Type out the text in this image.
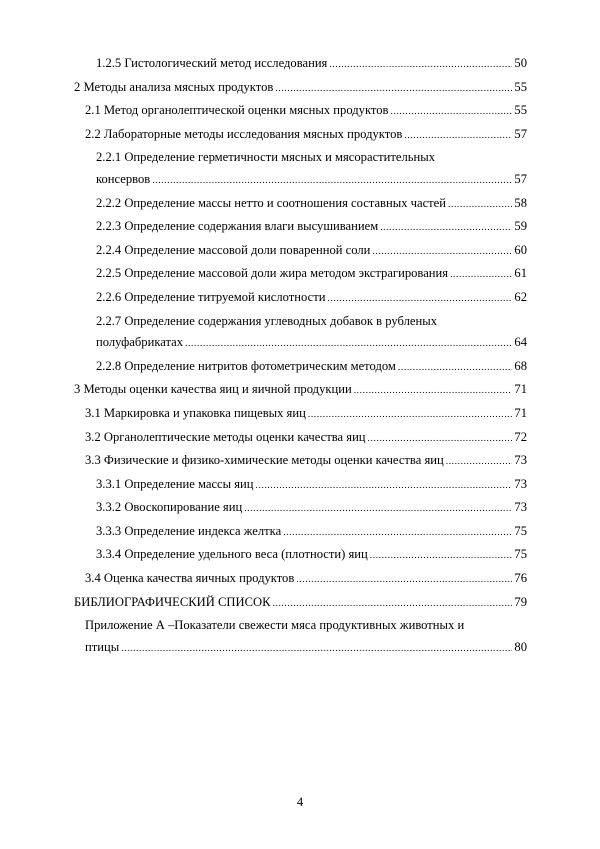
1.2.5 Гистологический метод исследования .....	50
2 Методы анализа мясных продуктов .....	55
2.1 Метод органолептической оценки мясных продуктов .....	55
2.2 Лабораторные методы исследования мясных продуктов .....	57
2.2.1 Определение герметичности мясных и мясорастительных
консервов .....	57
2.2.2 Определение массы нетто и соотношения составных частей .....	58
2.2.3 Определение содержания влаги высушиванием .....	59
2.2.4 Определение массовой доли поваренной соли .....	60
2.2.5 Определение массовой доли жира методом экстрагирования .....	61
2.2.6 Определение титруемой кислотности .....	62
2.2.7 Определение содержания углеводных добавок в рубленых
полуфабрикатах .....	64
2.2.8 Определение нитритов фотометрическим методом .....	68
3 Методы оценки качества яиц и яичной продукции .....	71
3.1 Маркировка и упаковка пищевых яиц .....	71
3.2 Органолептические методы оценки качества яиц .....	72
3.3 Физические и физико-химические методы оценки качества яиц .....	73
3.3.1 Определение массы яиц .....	73
3.3.2 Овоскопирование яиц .....	73
3.3.3 Определение индекса желтка .....	75
3.3.4 Определение удельного веса (плотности) яиц .....	75
3.4 Оценка качества яичных продуктов .....	76
БИБЛИОГРАФИЧЕСКИЙ СПИСОК .....	79
Приложение А –Показатели свежести мяса продуктивных животных и
птицы .....	80
4
